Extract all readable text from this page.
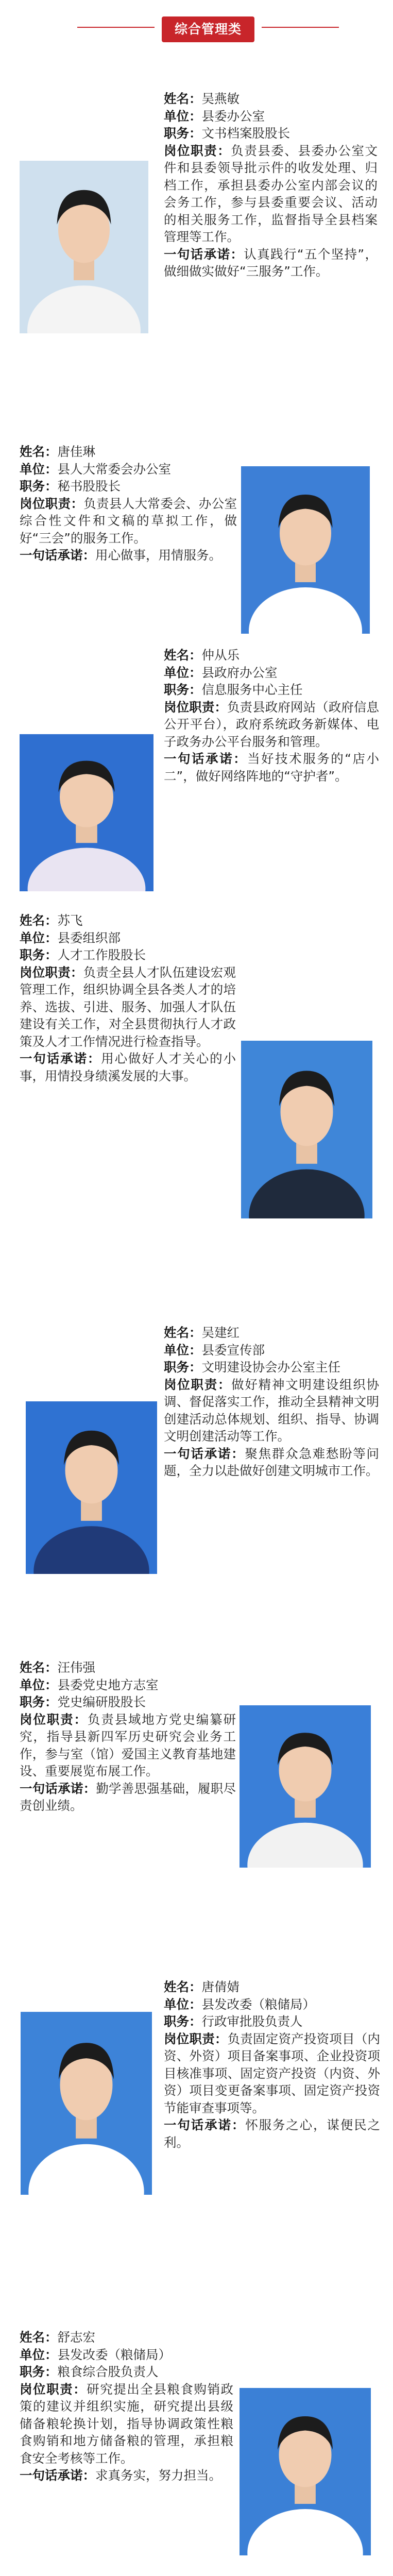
综合管理类
姓名：吴燕敏
单位：县委办公室
职务：文书档案股股长
岗位职责：负责县委、县委办公室文件和县委领导批示件的收发处理、归档工作，承担县委办公室内部会议的会务工作，参与县委重要会议、活动的相关服务工作，监督指导全县档案管理等工作。
一句话承诺：认真践行“五个坚持”，做细做实做好“三服务”工作。
姓名：唐佳琳
单位：县人大常委会办公室
职务：秘书股股长
岗位职责：负责县人大常委会、办公室综合性文件和文稿的草拟工作，做好“三会”的服务工作。
一句话承诺：用心做事，用情服务。
姓名：仲从乐
单位：县政府办公室
职务：信息服务中心主任
岗位职责：负责县政府网站（政府信息公开平台），政府系统政务新媒体、电子政务办公平台服务和管理。
一句话承诺：当好技术服务的“店小二”，做好网络阵地的“守护者”。
姓名：苏飞
单位：县委组织部
职务：人才工作股股长
岗位职责：负责全县人才队伍建设宏观管理工作，组织协调全县各类人才的培养、选拔、引进、服务、加强人才队伍建设有关工作，对全县贯彻执行人才政策及人才工作情况进行检查指导。
一句话承诺：用心做好人才关心的小事，用情投身绩溪发展的大事。
姓名：吴建红
单位：县委宣传部
职务：文明建设协会办公室主任
岗位职责：做好精神文明建设组织协调、督促落实工作，推动全县精神文明创建活动总体规划、组织、指导、协调文明创建活动等工作。
一句话承诺：聚焦群众急难愁盼等问题，全力以赴做好创建文明城市工作。
姓名：汪伟强
单位：县委党史地方志室
职务：党史编研股股长
岗位职责：负责县域地方党史编纂研究，指导县新四军历史研究会业务工作，参与室（馆）爱国主义教育基地建设、重要展览布展工作。
一句话承诺：勤学善思强基础，履职尽责创业绩。
姓名：唐倩婧
单位：县发改委（粮储局）
职务：行政审批股负责人
岗位职责：负责固定资产投资项目（内资、外资）项目备案事项、企业投资项目核准事项、固定资产投资（内资、外资）项目变更备案事项、固定资产投资节能审查事项等。
一句话承诺：怀服务之心，谋便民之利。
姓名：舒志宏
单位：县发改委（粮储局）
职务：粮食综合股负责人
岗位职责：研究提出全县粮食购销政策的建议并组织实施，研究提出县级储备粮轮换计划，指导协调政策性粮食购销和地方储备粮的管理，承担粮食安全考核等工作。
一句话承诺：求真务实，努力担当。
